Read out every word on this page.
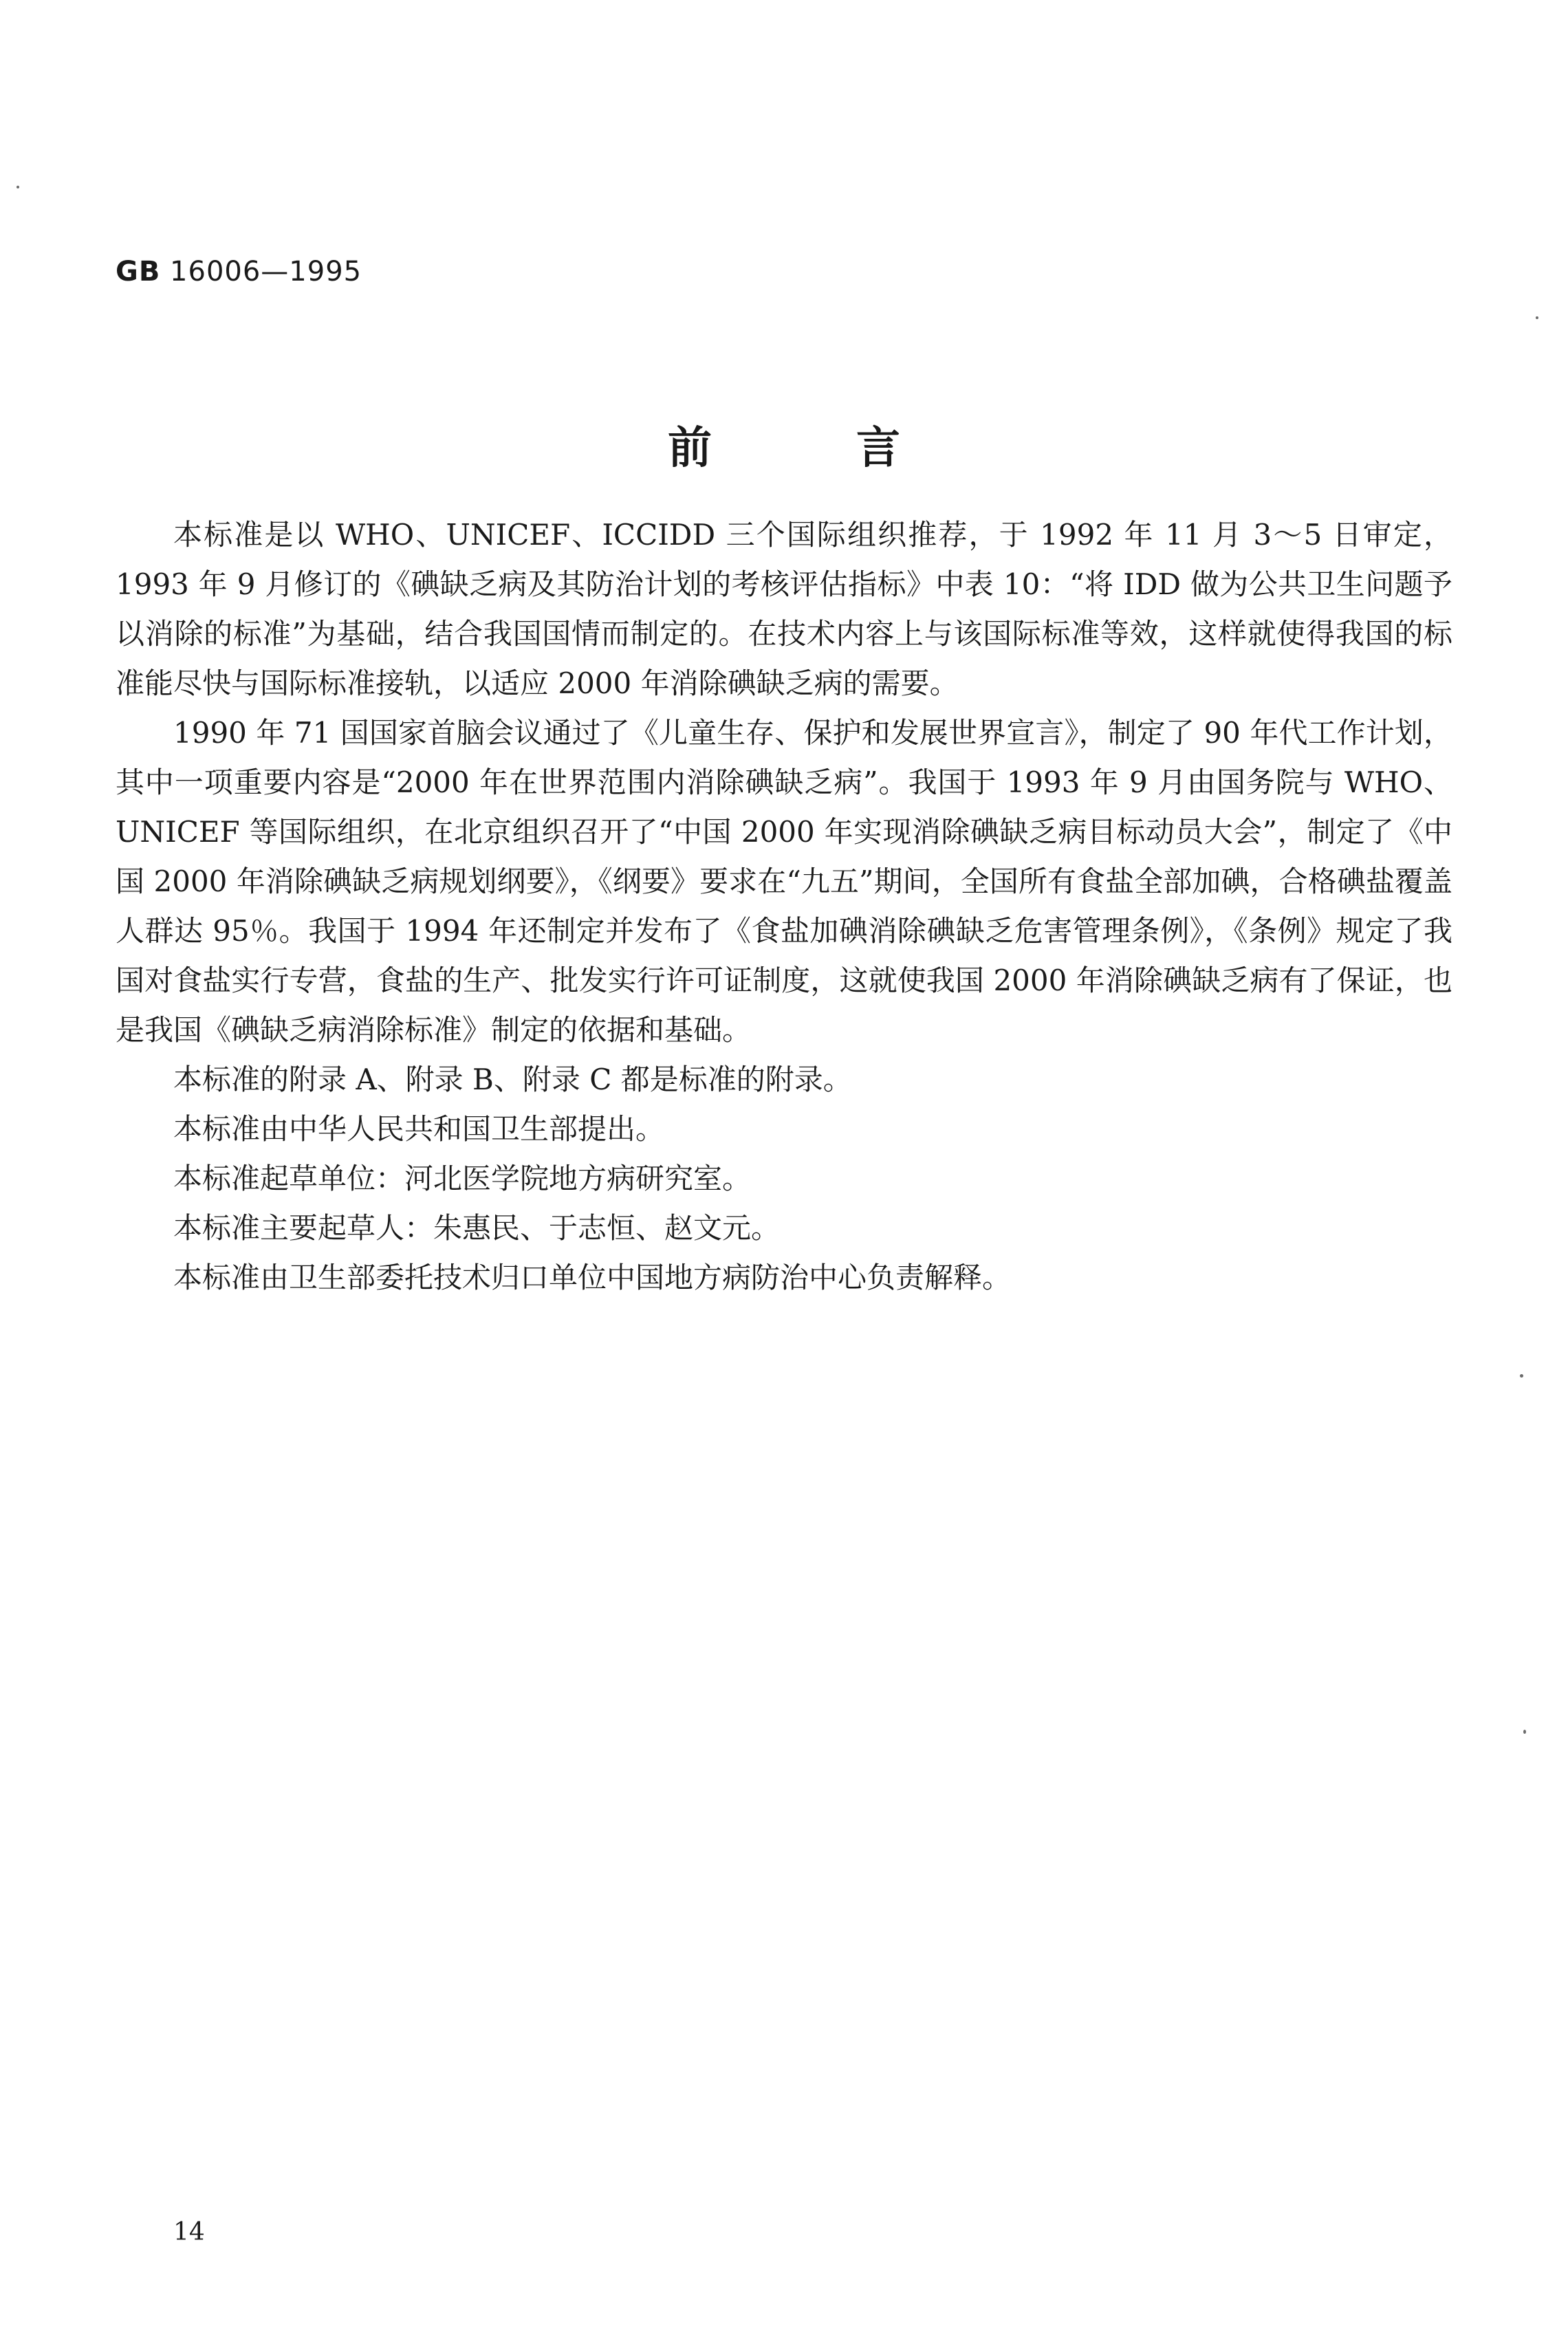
GB 16006—1995
前言

本标准是以 WHO、UNICEF、ICCIDD 三个国际组织推荐，于 1992 年 11 月 3～5 日审定，1993 年 9 月修订的《碘缺乏病及其防治计划的考核评估指标》中表 10：“将 IDD 做为公共卫生问题予以消除的标准”为基础，结合我国国情而制定的。在技术内容上与该国际标准等效，这样就使得我国的标准能尽快与国际标准接轨，以适应 2000 年消除碘缺乏病的需要。

1990 年 71 国国家首脑会议通过了《儿童生存、保护和发展世界宣言》，制定了 90 年代工作计划，其中一项重要内容是“2000 年在世界范围内消除碘缺乏病”。我国于 1993 年 9 月由国务院与 WHO、UNICEF 等国际组织，在北京组织召开了“中国 2000 年实现消除碘缺乏病目标动员大会”，制定了《中国 2000 年消除碘缺乏病规划纲要》，《纲要》要求在“九五”期间，全国所有食盐全部加碘，合格碘盐覆盖人群达 95％。我国于 1994 年还制定并发布了《食盐加碘消除碘缺乏危害管理条例》，《条例》规定了我国对食盐实行专营，食盐的生产、批发实行许可证制度，这就使我国 2000 年消除碘缺乏病有了保证，也是我国《碘缺乏病消除标准》制定的依据和基础。

本标准的附录 A、附录 B、附录 C 都是标准的附录。

本标准由中华人民共和国卫生部提出。

本标准起草单位：河北医学院地方病研究室。

本标准主要起草人：朱惠民、于志恒、赵文元。

本标准由卫生部委托技术归口单位中国地方病防治中心负责解释。

14
